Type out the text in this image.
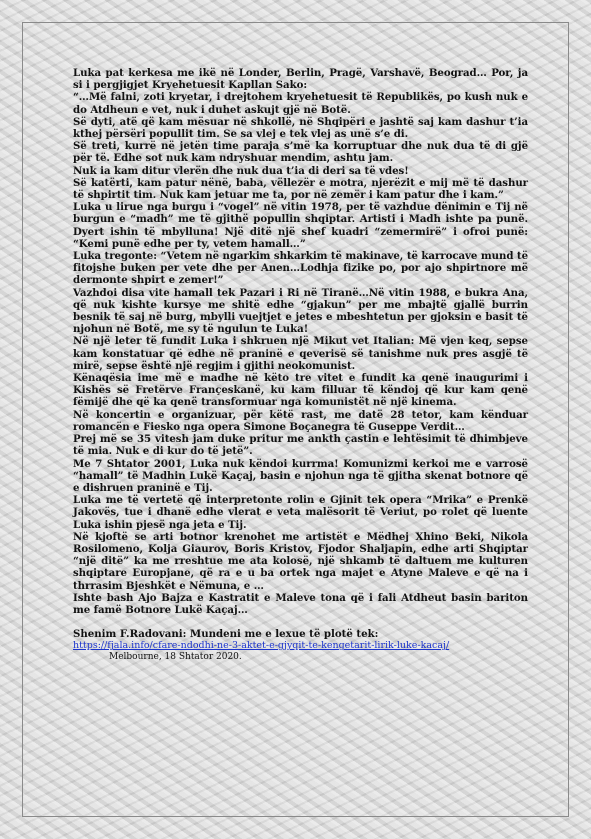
Luka pat kerkesa me ikë në Londer, Berlin, Pragë, Varshavë, Beograd… Por, ja si i pergjigjet Kryehetuesit Kapllan Sako:

“…Më falni, zoti kryetar, i drejtohem kryehetuesit të Republikës, po kush nuk e do Atdheun e vet, nuk i duhet askujt gjë në Botë.

Së dyti, atë që kam mësuar në shkollë, në Shqipëri e jashtë saj kam dashur t’ia kthej përsëri popullit tim. Se sa vlej e tek vlej as unë s’e di.

Së treti, kurrë në jetën time paraja s’më ka korruptuar dhe nuk dua të di gjë për të. Edhe sot nuk kam ndryshuar mendim, ashtu jam.

Nuk ia kam ditur vlerën dhe nuk dua t’ia di deri sa të vdes!

Së katërti, kam patur nënë, baba, vëllezër e motra, njerëzit e mij më të dashur të shpirtit tim. Nuk kam jetuar me ta, por në zemër i kam patur dhe i kam.”

Luka u lirue nga burgu i “vogel” në vitin 1978, per të vazhdue dënimin e Tij në burgun e “madh” me të gjithë popullin shqiptar. Artisti i Madh ishte pa punë. Dyert ishin të mbylluna! Një ditë një shef kuadri “zemermirë” i ofroi punë: “Kemi punë edhe per ty, vetem hamall…”

Luka tregonte: “Vetem në ngarkim shkarkim të makinave, të karrocave mund të fitojshe buken per vete dhe per Anen…Lodhja fizike po, por ajo shpirtnore më dermonte shpirt e zemer!”

Vazhdoi disa vite hamall tek Pazari i Ri në Tiranë…Në vitin 1988, e bukra Ana, që nuk kishte kursye me shitë edhe “gjakun” per me mbajtë gjallë burrin besnik të saj në burg, mbylli vuejtjet e jetes e mbeshtetun per gjoksin e basit të njohun në Botë, me sy të ngulun te Luka!

Në një leter të fundit Luka i shkruen një Mikut vet Italian: Më vjen keq, sepse kam konstatuar që edhe në praninë e qeverisë së tanishme nuk pres asgjë të mirë, sepse është një regjim i gjithi neokomunist.

Kënaqësia ime më e madhe në këto tre vitet e fundit ka qenë inaugurimi i Kishës së Fretërve Françeskanë, ku kam filluar të këndoj që kur kam qenë fëmijë dhe që ka qenë transformuar nga komunistët në një kinema.

Në koncertin e organizuar, për këtë rast, me datë 28 tetor, kam kënduar romancën e Fiesko nga opera Simone Boçanegra të Guseppe Verdit…

Prej më se 35 vitesh jam duke pritur me ankth çastin e lehtësimit të dhimbjeve të mia. Nuk e di kur do të jetë”.

Me 7 Shtator 2001, Luka nuk këndoi kurrma! Komunizmi kerkoi me e varrosë “hamall” të Madhin Lukë Kaçaj, basin e njohun nga të gjitha skenat botnore që e dishruen praninë e Tij.

Luka me të vertetë që interpretonte rolin e Gjinit tek opera “Mrika” e Prenkë Jakovës, tue i dhanë edhe vlerat e veta malësorit të Veriut, po rolet që luente Luka ishin pjesë nga jeta e Tij.

Në kjoftë se arti botnor krenohet me artistët e Mëdhej Xhino Beki, Nikola Rosilomeno, Kolja Giaurov, Boris Kristov, Fjodor Shaljapin, edhe arti Shqiptar “një ditë” ka me rreshtue me ata kolosë, një shkamb të daltuem me kulturen shqiptare Europjane, që ra e u ba ortek nga majet e Atyne Maleve e që na i thrrasim Bjeshkët e Nëmuna, e …

Ishte bash Ajo Bajza e Kastratit e Maleve tona që i fali Atdheut basin bariton me famë Botnore Lukë Kaçaj…

Shenim F.Radovani: Mundeni me e lexue të plotë tek:

https://fjala.info/cfare-ndodhi-ne-3-aktet-e-gjyqit-te-kengetarit-lirik-luke-kacaj/

Melbourne, 18 Shtator 2020.
